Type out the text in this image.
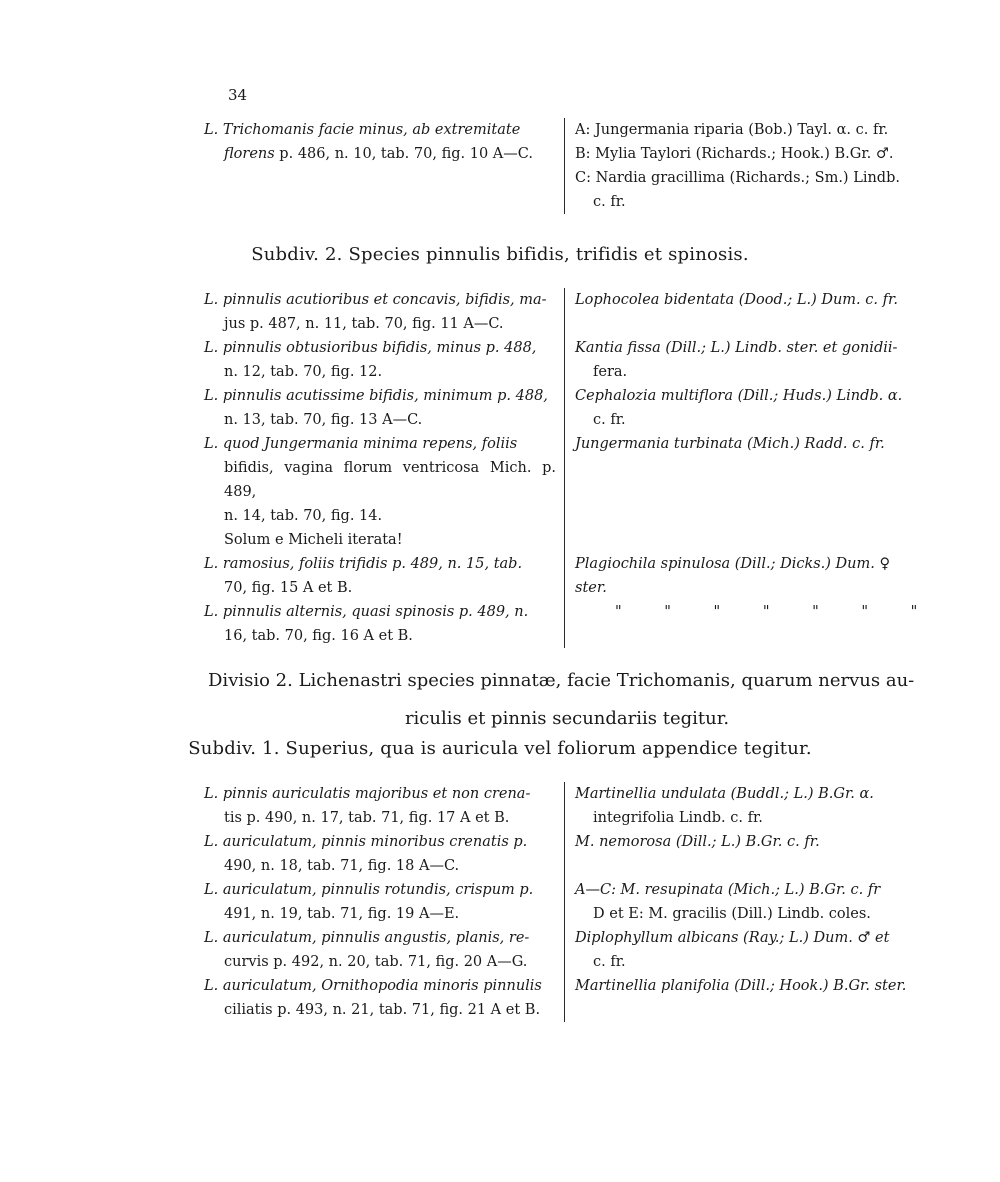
34
L. Trichomanis facie minus, ab extremitate
florens p. 486, n. 10, tab. 70, fig. 10 A—C.
A: Jungermania riparia (Bob.) Tayl. α. c. fr.
B: Mylia Taylori (Richards.; Hook.) B.Gr. ♂.
C: Nardia gracillima (Richards.; Sm.) Lindb.
c. fr.
Subdiv. 2. Species pinnulis bifidis, trifidis et spinosis.
L. pinnulis acutioribus et concavis, bifidis, ma-
jus p. 487, n. 11, tab. 70, fig. 11 A—C.
Lophocolea bidentata (Dood.; L.) Dum. c. fr.
L. pinnulis obtusioribus bifidis, minus p. 488,
n. 12, tab. 70, fig. 12.
Kantia fissa (Dill.; L.) Lindb. ster. et gonidii-
fera.
L. pinnulis acutissime bifidis, minimum p. 488,
n. 13, tab. 70, fig. 13 A—C.
Cephalozia multiflora (Dill.; Huds.) Lindb. α.
c. fr.
L. quod Jungermania minima repens, foliis
bifidis, vagina florum ventricosa Mich. p. 489,
n. 14, tab. 70, fig. 14.
Solum e Micheli iterata!
Jungermania turbinata (Mich.) Radd. c. fr.
L. ramosius, foliis trifidis p. 489, n. 15, tab.
70, fig. 15 A et B.
Plagiochila spinulosa (Dill.; Dicks.) Dum. ♀ ster.
L. pinnulis alternis, quasi spinosis p. 489, n.
16, tab. 70, fig. 16 A et B.
" " " " " " "
Divisio 2. Lichenastri species pinnatæ, facie Trichomanis, quarum nervus au-
riculis et pinnis secundariis tegitur.
Subdiv. 1. Superius, qua is auricula vel foliorum appendice tegitur.
L. pinnis auriculatis majoribus et non crena-
tis p. 490, n. 17, tab. 71, fig. 17 A et B.
Martinellia undulata (Buddl.; L.) B.Gr. α.
integrifolia Lindb. c. fr.
L. auriculatum, pinnis minoribus crenatis p.
490, n. 18, tab. 71, fig. 18 A—C.
M. nemorosa (Dill.; L.) B.Gr. c. fr.
L. auriculatum, pinnulis rotundis, crispum p.
491, n. 19, tab. 71, fig. 19 A—E.
A—C: M. resupinata (Mich.; L.) B.Gr. c. fr
D et E: M. gracilis (Dill.) Lindb. coles.
L. auriculatum, pinnulis angustis, planis, re-
curvis p. 492, n. 20, tab. 71, fig. 20 A—G.
Diplophyllum albicans (Ray.; L.) Dum. ♂ et
c. fr.
L. auriculatum, Ornithopodia minoris pinnulis
ciliatis p. 493, n. 21, tab. 71, fig. 21 A et B.
Martinellia planifolia (Dill.; Hook.) B.Gr. ster.
